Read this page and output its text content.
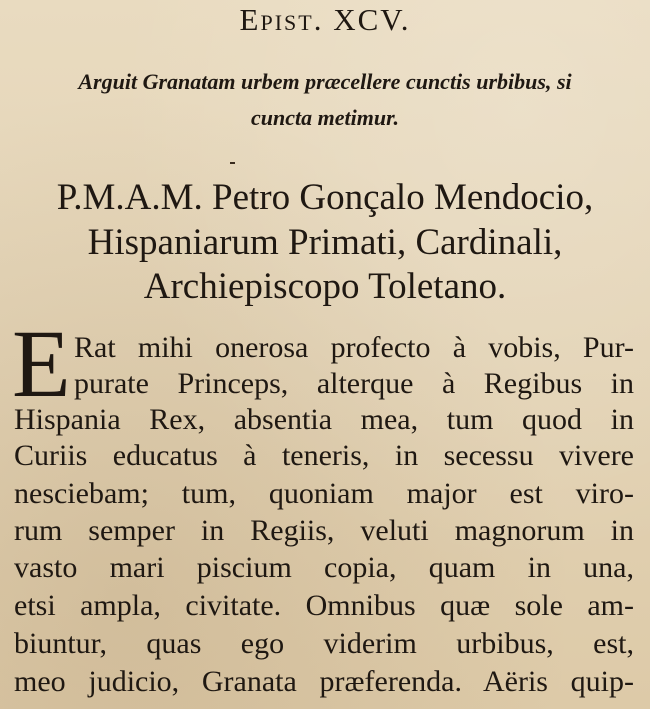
Epist. XCV.
Arguit Granatam urbem præcellere cunctis urbibus, si
cuncta metimur.
P.M.A.M. Petro Gonçalo Mendocio,
Hispaniarum Primati, Cardinali,
Archiepiscopo Toletano.
E Rat mihi onerosa profecto à vobis, Pur-
purate Princeps, alterque à Regibus in
Hispania Rex, absentia mea, tum quod in
Curiis educatus à teneris, in secessu vivere
nesciebam; tum, quoniam major est viro-
rum semper in Regiis, veluti magnorum in
vasto mari piscium copia, quam in una,
etsi ampla, civitate. Omnibus quæ sole am-
biuntur, quas ego viderim urbibus, est,
meo judicio, Granata præferenda. Aëris quip-
